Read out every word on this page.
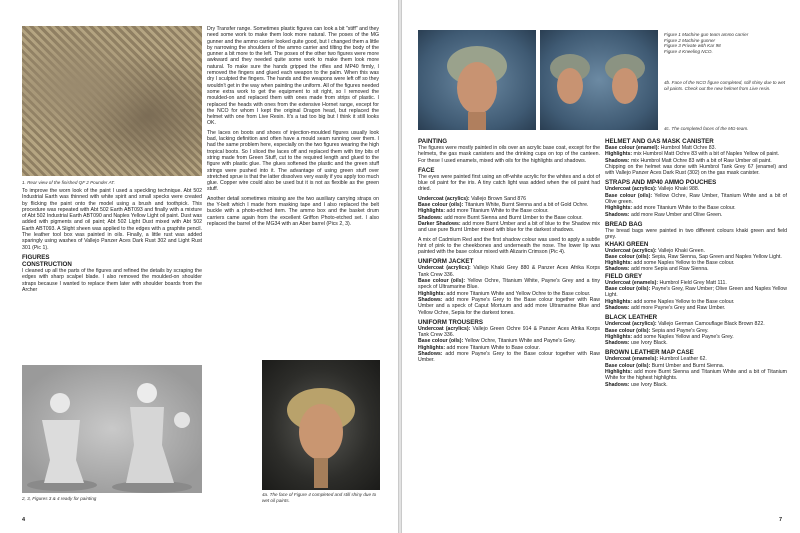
1. Rear view of the finished QF 2 Pounder AT.

To improve the worn look of the paint I used a speckling technique. Abt 502 Industrial Earth was thinned with white spirit and small specks were created by flicking the paint onto the model using a brush and toothpick. This procedure was repeated with Abt 502 Earth ABT093 and finally with a mixture of Abt 502 Industrial Earth ABT090 and Naples Yellow Light oil paint. Dust was added with pigments and oil paint; Abt 502 Light Dust mixed with Abt 502 Earth ABT093. A Slight sheen was applied to the edges with a graphite pencil. The leather tool box was painted in oils. Finally, a little rust was added sparingly using washes of Vallejo Panzer Aces Dark Rust 302 and Light Rust 301 (Pic 1).

FIGURES
CONSTRUCTION

I cleaned up all the parts of the figures and refined the details by scraping the edges with sharp scalpel blade. I also removed the moulded-on shoulder straps because I wanted to replace them later with shoulder boards from the Archer

2, 3, Figures 3 & 4 ready for painting

Dry Transfer range. Sometimes plastic figures can look a bit "stiff" and they need some work to make them look more natural. The poses of the MG gunner and the ammo carrier looked quite good, but I changed them a little by narrowing the shoulders of the ammo carrier and tilting the body of the gunner a bit more to the left. The poses of the other two figures were more awkward and they needed quite some work to make them look more natural. To make sure the hands gripped the rifles and MP40 firmly, I removed the fingers and glued each weapon to the palm. When this was dry I sculpted the fingers. The hands and the weapons were left off so they wouldn't get in the way when painting the uniform. All of the figures needed some extra work to get the equipment to sit right, so I removed the moulded-on and replaced them with ones made from strips of plastic. I replaced the heads with ones from the extensive Hornet range, except for the NCO for whom I kept the original Dragon head, but replaced the helmet with one from Live Resin. It's a tad too big but I think it still looks OK.

The laces on boots and shoes of injection-moulded figures usually look bad, lacking definition and often have a mould seam running over them. I had the same problem here, especially on the two figures wearing the high tropical boots. So I sliced the laces off and replaced them with tiny bits of string made from Green Stuff, cut to the required length and glued to the figure with plastic glue. The glues softened the plastic and the green stuff strings were pushed into it. The advantage of using green stuff over stretched sprue is that the latter dissolves very easily if you apply too much glue. Copper wire could also be used but it is not as flexible as the green stuff.

Another detail sometimes missing are the two auxiliary carrying straps on the Y-belt which I made from masking tape and I also replaced the belt buckle with a photo-etched item. The ammo box and the basket drum carriers came again from the excellent Griffon Photo-etched set. I also replaced the barrel of the MG34 with an Aber barrel (Pics 2, 3).

4a. The face of Figure 4 completed and still shiny due to wet oil paints.
4
Figure 1 Machine gun team ammo carrier
Figure 2 Machine gunner
Figure 3 Private with Kar 98
Figure 4 Kneeling NCO.
4b. Face of the NCO figure completed, still shiny due to wet oil paints. Check out the new helmet from Live resin.
4c. The completed faces of the MG-team.
PAINTING

The figures were mostly painted in oils over an acrylic base coat, except for the helmets, the gas mask canisters and the drinking cups on top of the canteen. For these I used enamels, mixed with oils for the highlights and shadows.

FACE

The eyes were painted first using an off-white acrylic for the whites and a dot of blue oil paint for the iris. A tiny catch light was added when the oil paint had dried.

Undercoat (acrylics): Vallejo Brown Sand 876
Base colour (oils): Titanium White, Burnt Sienna and a bit of Gold Ochre.
Highlights: add more Titanium White to the Base colour.
Shadows: add more Burnt Sienna and Burnt Umber to the Base colour.
Darker Shadows: add more Burnt Umber and a bit of blue to the Shadow mix and use pure Burnt Umber mixed with blue for the darkest shadows.

A mix of Cadmium Red and the first shadow colour was used to apply a subtle hint of pink to the cheekbones and underneath the nose. The lower lip was painted with the base colour mixed with Alizarin Crimson (Pic 4).

UNIFORM JACKET
Undercoat (acrylics): Vallejo Khaki Grey 880 & Panzer Aces Afrika Korps Tank Crew 336.
Base colour (oils): Yellow Ochre, Titanium White, Payne's Grey and a tiny speck of Ultramarine Blue.
Highlights: add more Titanium White and Yellow Ochre to the Base colour.
Shadows: add more Payne's Grey to the Base colour together with Raw Umber and a speck of Caput Mortuum and add more Ultramarine Blue and Yellow Ochre, Sepia for the darkest tones.
UNIFORM TROUSERS
Undercoat (acrylics): Vallejo Green Ochre 914 & Panzer Aces Afrika Korps Tank Crew 336.
Base colour (oils): Yellow Ochre, Titanium White and Payne's Grey.
Highlights: add more Titanium White to Base colour.
Shadows: add more Payne's Grey to the Base colour together with Raw Umber.
HELMET AND GAS MASK CANISTER
Base colour (enamel): Humbrol Matt Ochre 83.
Highlights: mix Humbrol Matt Ochre 83 with a bit of Naples Yellow oil paint.
Shadows: mix Humbrol Matt Ochre 83 with a bit of Raw Umber oil paint.

Chipping on the helmet was done with Humbrol Tank Grey 67 (enamel) and with Vallejo Panzer Aces Dark Rust (302) on the gas mask canister.

STRAPS AND MP40 AMMO POUCHES
Undercoat (acrylics): Vallejo Khaki 988.
Base colour (oils): Yellow Ochre, Raw Umber, Titanium White and a bit of Olive green.
Highlights: add more Titanium White to the Base colour.
Shadows: add more Raw Umber and Olive Green.
BREAD BAG

The bread bags were painted in two different colours khaki green and field grey.

KHAKI GREEN
Undercoat (acrylics): Vallejo Khaki Green.
Base colour (oils): Sepia, Raw Sienna, Sap Green and Naples Yellow Light.
Highlights: add some Naples Yellow to the Base colour.
Shadows: add more Sepia and Raw Sienna.
FIELD GREY
Undercoat (enamels): Humbrol Field Grey Matt 111.
Base colour (oils): Payne's Grey, Raw Umber; Olive Green and Naples Yellow Light.
Highlights: add some Naples Yellow to the Base colour.
Shadows: add more Payne's Grey and Raw Umber.
BLACK LEATHER
Undercoat (acrylics): Vallejo German Camouflage Black Brown 822.
Base colour (oils): Sepia and Payne's Grey.
Highlights: add some Naples Yellow and Payne's Grey.
Shadows: use Ivory Black.
BROWN LEATHER MAP CASE
Undercoat (enamels): Humbrol Leather 62.
Base colour (oils): Burnt Umber and Burnt Sienna.
Highlights: add more Burnt Sienna and Titanium White and a bit of Titanium White for the highest highlights.
Shadows: use Ivory Black.
7
